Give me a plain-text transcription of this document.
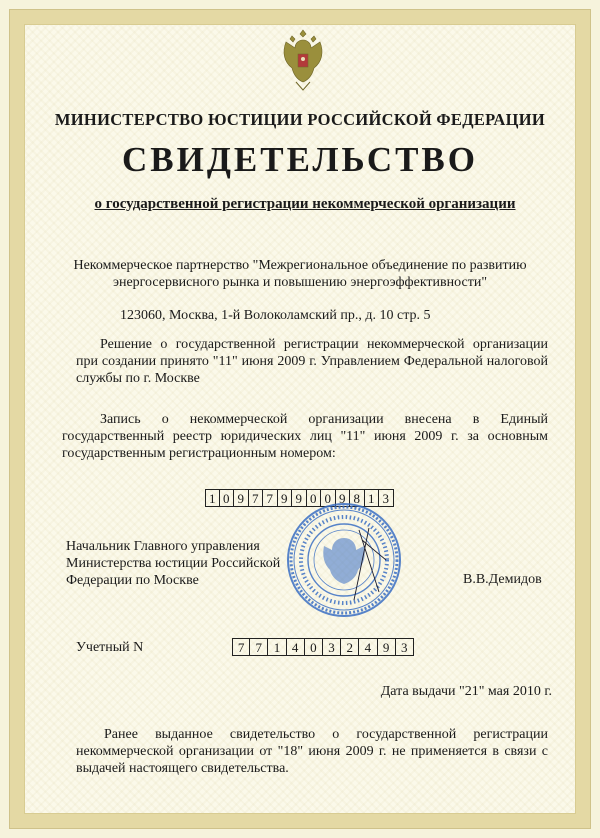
МИНИСТЕРСТВО ЮСТИЦИИ РОССИЙСКОЙ ФЕДЕРАЦИИ
СВИДЕТЕЛЬСТВО
о государственной регистрации некоммерческой организации
Некоммерческое партнерство "Межрегиональное объединение по развитию энергосервисного рынка и повышению энергоэффективности"
123060, Москва, 1-й Волоколамский пр., д. 10 стр. 5
Решение о государственной регистрации некоммерческой организации при создании принято "11" июня 2009 г. Управлением Федеральной налоговой службы по г. Москве
Запись о некоммерческой организации внесена в Единый государственный реестр юридических лиц "11" июня 2009 г. за основным государственным регистрационным номером:
1 0 9 7 7 9 9 0 0 9 8 1 3
Начальник Главного управления Министерства юстиции Российской Федерации по Москве	В.В.Демидов
Учетный N	7 7 1 4 0 3 2 4 9 3
Дата выдачи "21" мая 2010 г.
Ранее выданное свидетельство о государственной регистрации некоммерческой организации от "18" июня 2009 г. не применяется в связи с выдачей настоящего свидетельства.
